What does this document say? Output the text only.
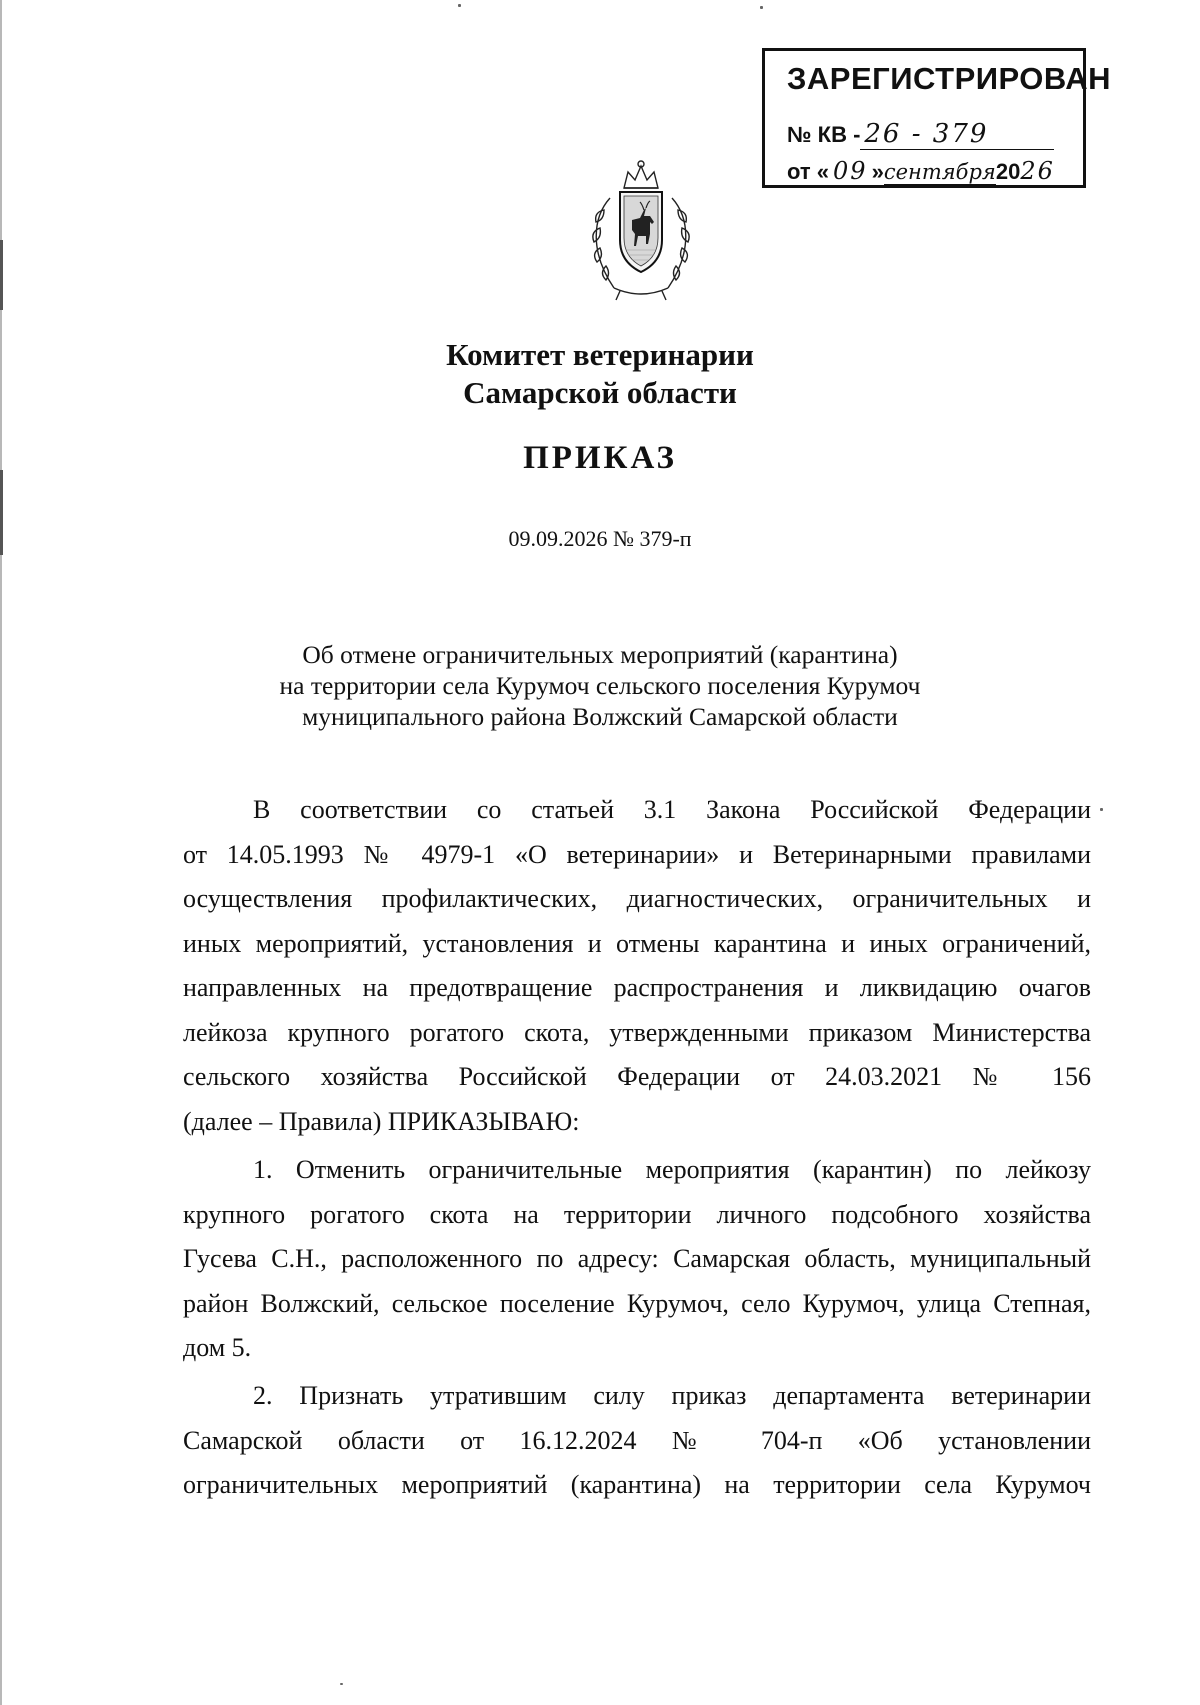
ЗАРЕГИСТРИРОВАН
№ КВ - 26 - 379
от « 09 »сентября2026
Комитет ветеринарии
Самарской области
ПРИКАЗ
09.09.2026 № 379-п
Об отмене ограничительных мероприятий (карантина)
на территории села Курумоч сельского поселения Курумоч
муниципального района Волжский Самарской области

В соответствии со статьей 3.1 Закона Российской Федерации

от 14.05.1993 № 4979-1 «О ветеринарии» и Ветеринарными правилами

осуществления профилактических, диагностических, ограничительных и

иных мероприятий, установления и отмены карантина и иных ограничений,

направленных на предотвращение распространения и ликвидацию очагов

лейкоза крупного рогатого скота, утвержденными приказом Министерства

сельского хозяйства Российской Федерации от 24.03.2021 № 156

(далее – Правила) ПРИКАЗЫВАЮ:

1. Отменить ограничительные мероприятия (карантин) по лейкозу

крупного рогатого скота на территории личного подсобного хозяйства

Гусева С.Н., расположенного по адресу: Самарская область, муниципальный

район Волжский, сельское поселение Курумоч, село Курумоч, улица Степная,

дом 5.

2. Признать утратившим силу приказ департамента ветеринарии

Самарской области от 16.12.2024 № 704-п «Об установлении

ограничительных мероприятий (карантина) на территории села Курумоч
